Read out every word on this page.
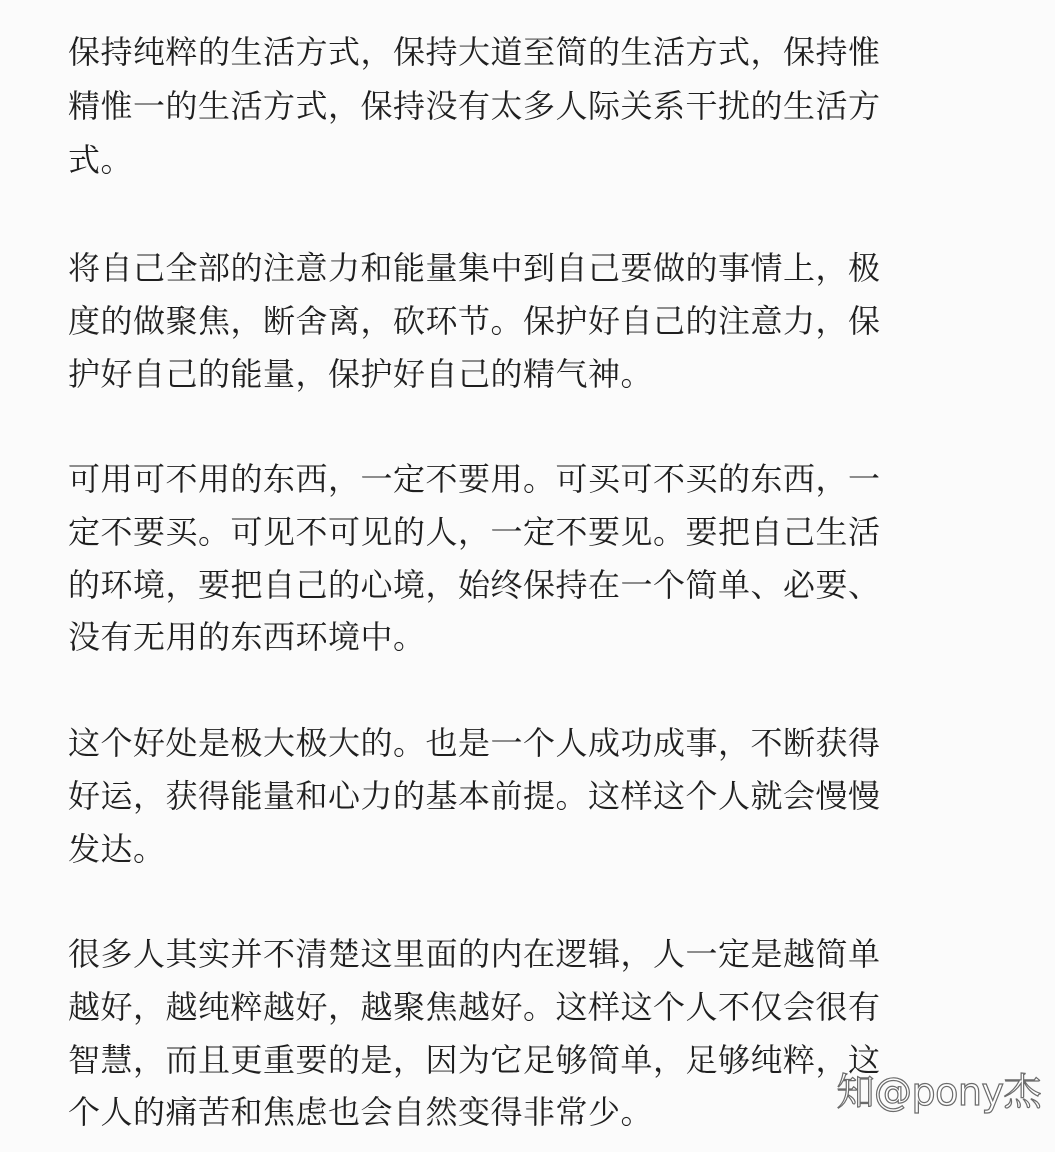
保持纯粹的生活方式，保持大道至简的生活方式，保持惟
精惟一的生活方式，保持没有太多人际关系干扰的生活方
式。
将自己全部的注意力和能量集中到自己要做的事情上，极
度的做聚焦，断舍离，砍环节。保护好自己的注意力，保
护好自己的能量，保护好自己的精气神。
可用可不用的东西，一定不要用。可买可不买的东西，一
定不要买。可见不可见的人，一定不要见。要把自己生活
的环境，要把自己的心境，始终保持在一个简单、必要、
没有无用的东西环境中。
这个好处是极大极大的。也是一个人成功成事，不断获得
好运，获得能量和心力的基本前提。这样这个人就会慢慢
发达。
很多人其实并不清楚这里面的内在逻辑，人一定是越简单
越好，越纯粹越好，越聚焦越好。这样这个人不仅会很有
智慧，而且更重要的是，因为它足够简单，足够纯粹，这
个人的痛苦和焦虑也会自然变得非常少。	知@pony杰
